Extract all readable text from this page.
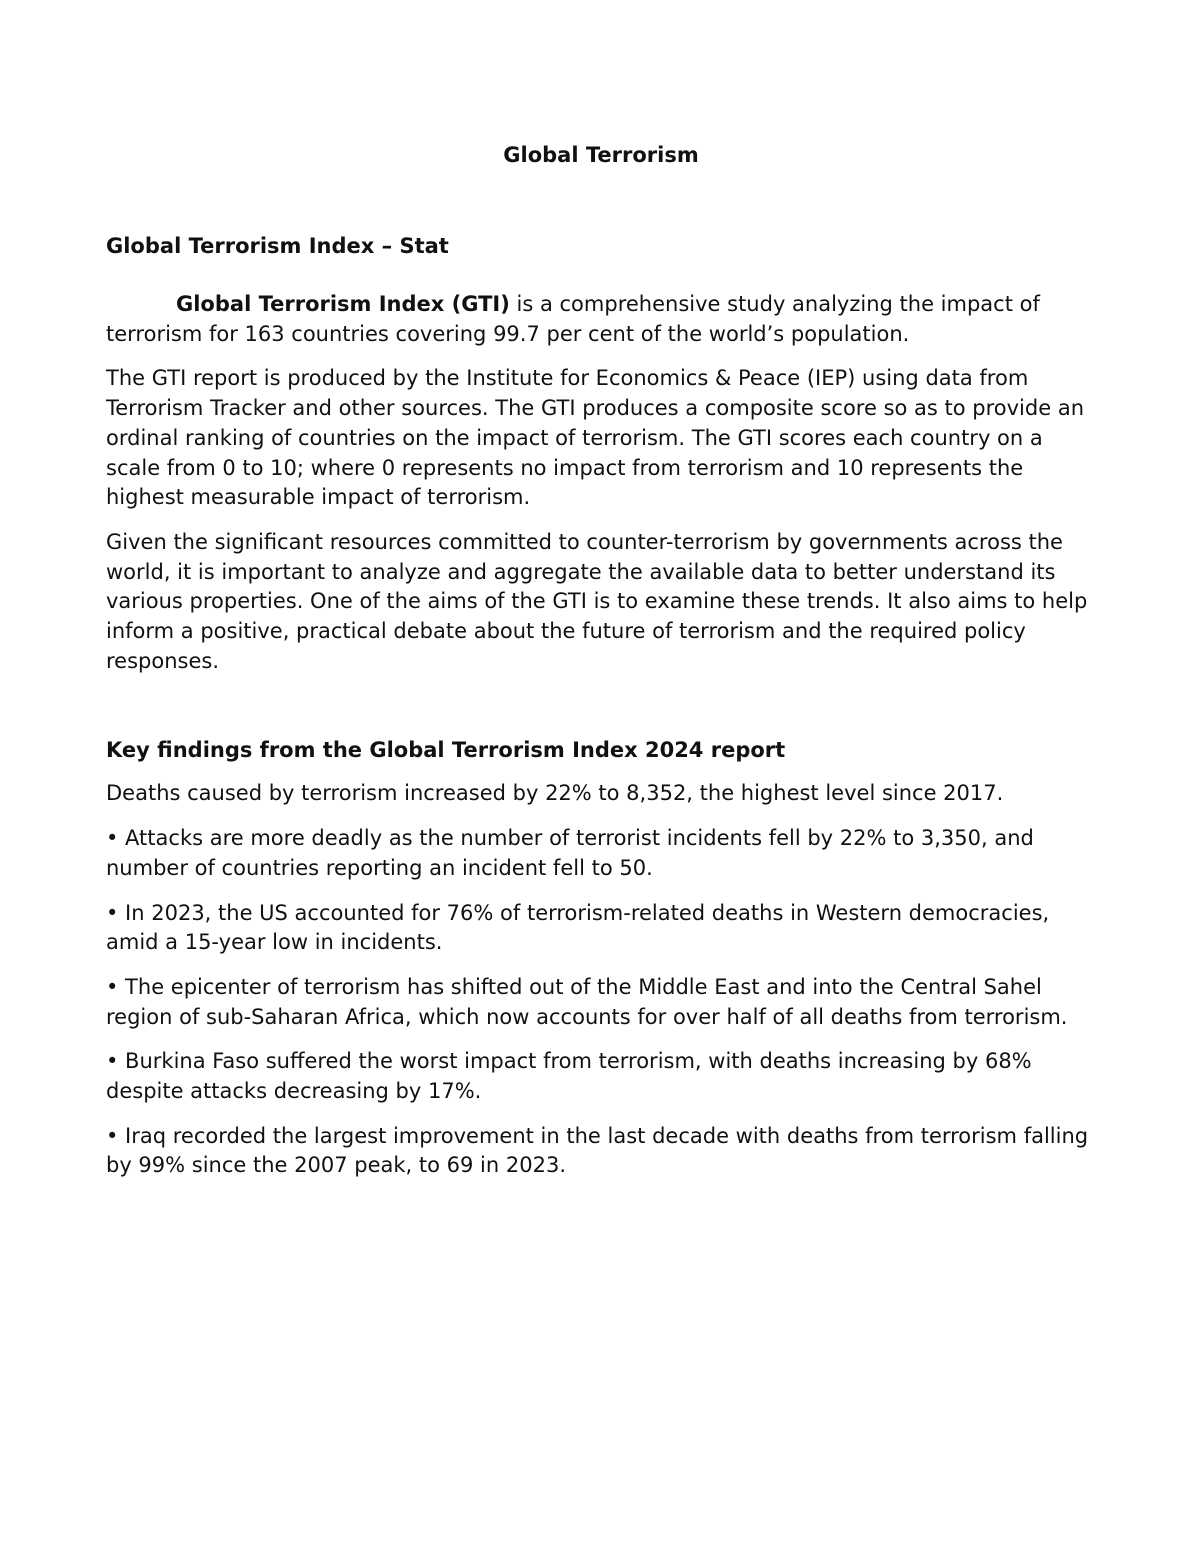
Global Terrorism
Global Terrorism Index – Stat

Global Terrorism Index (GTI) is a comprehensive study analyzing the impact of terrorism for 163 countries covering 99.7 per cent of the world’s population.

The GTI report is produced by the Institute for Economics & Peace (IEP) using data from Terrorism Tracker and other sources. The GTI produces a composite score so as to provide an ordinal ranking of countries on the impact of terrorism. The GTI scores each country on a scale from 0 to 10; where 0 represents no impact from terrorism and 10 represents the highest measurable impact of terrorism.

Given the significant resources committed to counter-terrorism by governments across the world, it is important to analyze and aggregate the available data to better understand its various properties. One of the aims of the GTI is to examine these trends. It also aims to help inform a positive, practical debate about the future of terrorism and the required policy responses.

Key findings from the Global Terrorism Index 2024 report

Deaths caused by terrorism increased by 22% to 8,352, the highest level since 2017.

• Attacks are more deadly as the number of terrorist incidents fell by 22% to 3,350, and number of countries reporting an incident fell to 50.

• In 2023, the US accounted for 76% of terrorism-related deaths in Western democracies, amid a 15-year low in incidents.

• The epicenter of terrorism has shifted out of the Middle East and into the Central Sahel region of sub-Saharan Africa, which now accounts for over half of all deaths from terrorism.

• Burkina Faso suffered the worst impact from terrorism, with deaths increasing by 68% despite attacks decreasing by 17%.

• Iraq recorded the largest improvement in the last decade with deaths from terrorism falling by 99% since the 2007 peak, to 69 in 2023.
